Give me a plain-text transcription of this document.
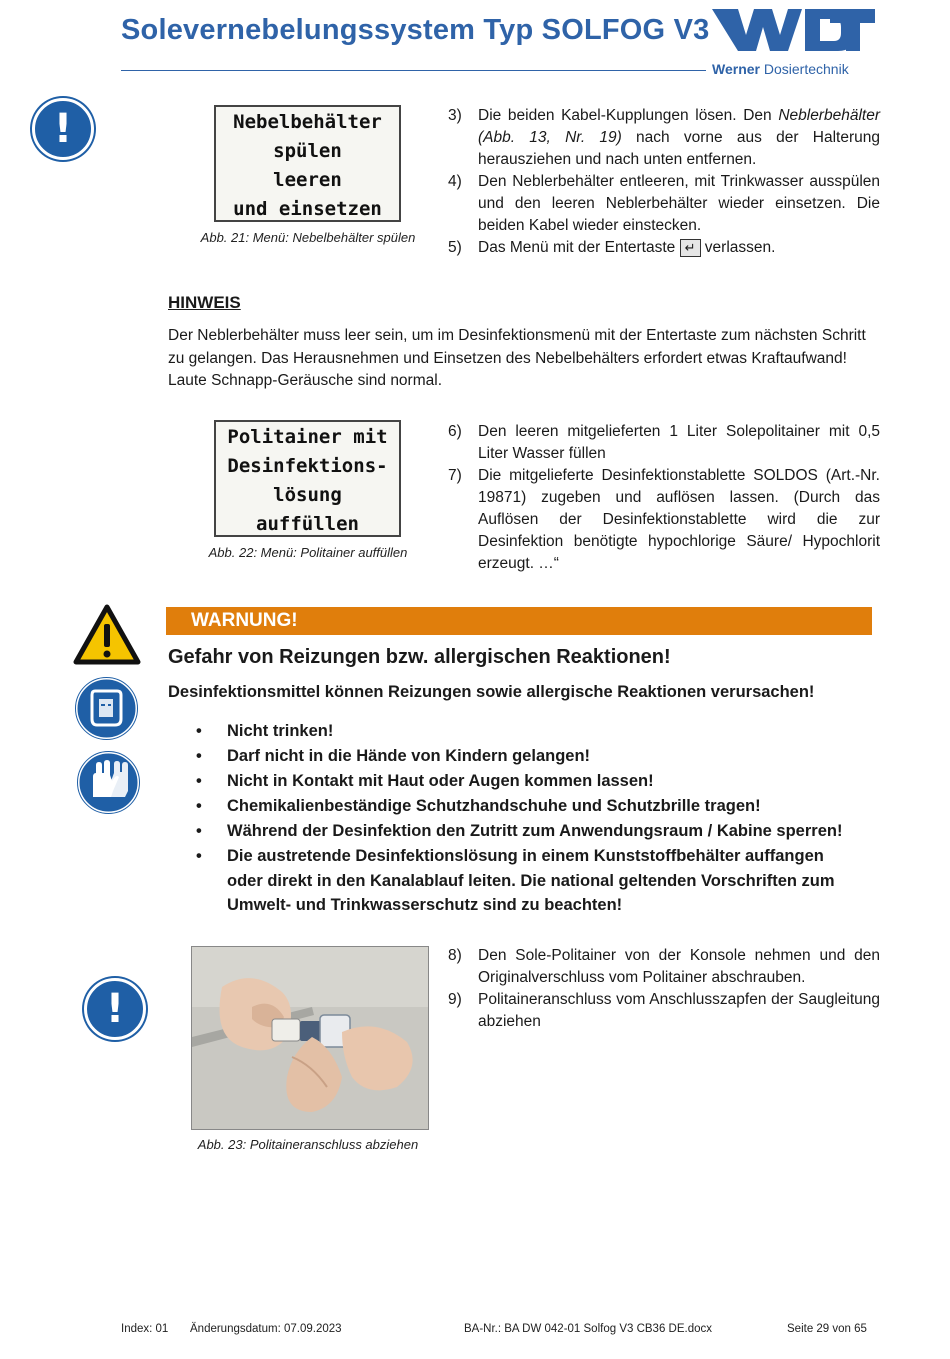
Solevernebelungssystem Typ SOLFOG V3
Werner Dosiertechnik
!	Nebelbehälter
spülen
leeren
und einsetzen
Abb. 21: Menü: Nebelbehälter spülen
3)	Die beiden Kabel-Kupplungen lösen. Den Neblerbehälter (Abb. 13, Nr. 19) nach vorne aus der Halterung herausziehen und nach unten entfernen.
4)	Den Neblerbehälter entleeren, mit Trinkwasser ausspülen und den leeren Neblerbehälter wieder einsetzen. Die beiden Kabel wieder einstecken.
5)	Das Menü mit der Entertaste ↵ verlassen.
HINWEIS
Der Neblerbehälter muss leer sein, um im Desinfektionsmenü mit der Entertaste zum nächsten Schritt zu gelangen. Das Herausnehmen und Einsetzen des Nebelbehälters erfordert etwas Kraftaufwand! Laute Schnapp-Geräusche sind normal.
Politainer mit
Desinfektions-
lösung
auffüllen
Abb. 22: Menü: Politainer auffüllen
6)	Den leeren mitgelieferten 1 Liter Solepolitainer mit 0,5 Liter Wasser füllen
7)	Die mitgelieferte Desinfektionstablette SOLDOS (Art.-Nr. 19871) zugeben und auflösen lassen. (Durch das Auflösen der Desinfektionstablette wird die zur Desinfektion benötigte hypochlorige Säure/ Hypochlorit erzeugt. …“
WARNUNG!
Gefahr von Reizungen bzw. allergischen Reaktionen!
Desinfektionsmittel können Reizungen sowie allergische Reaktionen verursachen!
•	Nicht trinken!
•	Darf nicht in die Hände von Kindern gelangen!
•	Nicht in Kontakt mit Haut oder Augen kommen lassen!
•	Chemikalienbeständige Schutzhandschuhe und Schutzbrille tragen!
•	Während der Desinfektion den Zutritt zum Anwendungsraum / Kabine sperren!
•	Die austretende Desinfektionslösung in einem Kunststoffbehälter auffangen oder direkt in den Kanalablauf leiten. Die national geltenden Vorschriften zum Umwelt- und Trinkwasserschutz sind zu beachten!
!
Abb. 23: Politaineranschluss abziehen
8)	Den Sole-Politainer von der Konsole nehmen und den Originalverschluss vom Politainer abschrauben.
9)	Politaineranschluss vom Anschlusszapfen der Saugleitung abziehen
Index: 01 Änderungsdatum: 07.09.2023	BA-Nr.: BA DW 042-01 Solfog V3 CB36 DE.docx	Seite 29 von 65
